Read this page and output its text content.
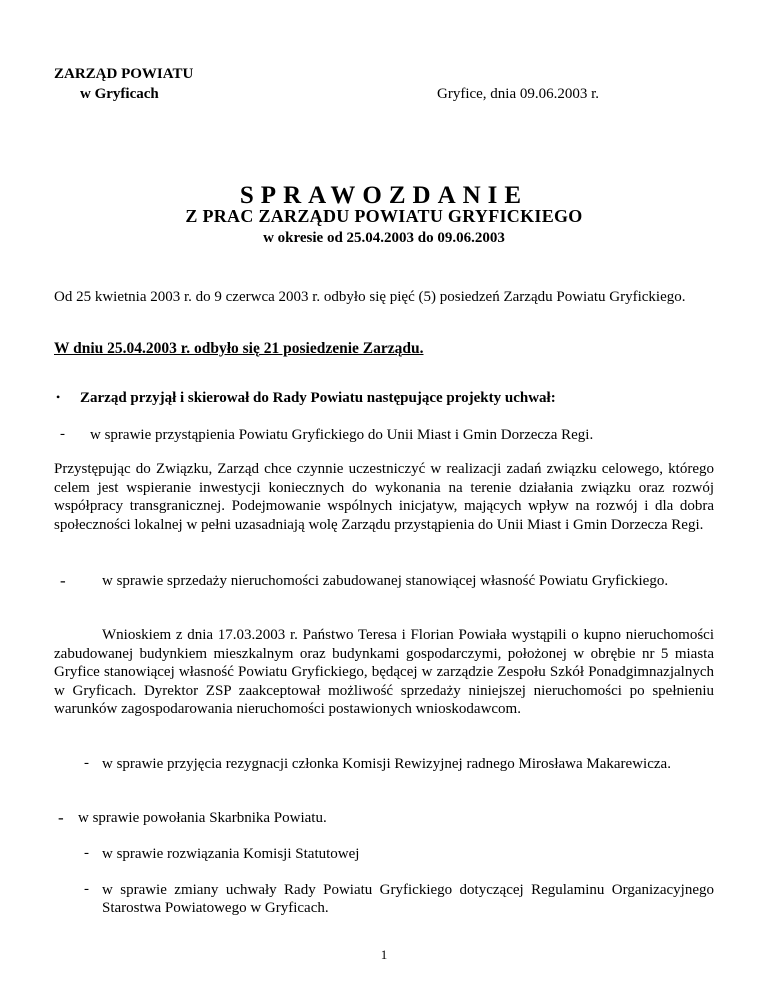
ZARZĄD POWIATU
w Gryficach	Gryfice, dnia 09.06.2003 r.
SPRAWOZDANIE
Z PRAC ZARZĄDU POWIATU GRYFICKIEGO
w okresie od 25.04.2003 do 09.06.2003
Od 25 kwietnia 2003 r. do 9 czerwca 2003 r. odbyło się pięć (5) posiedzeń Zarządu Powiatu Gryfickiego.
W dniu 25.04.2003 r. odbyło się 21 posiedzenie Zarządu.
• Zarząd przyjął i skierował do Rady Powiatu następujące projekty uchwał:
- w sprawie przystąpienia Powiatu Gryfickiego do Unii Miast i Gmin Dorzecza Regi.
Przystępując do Związku, Zarząd chce czynnie uczestniczyć w realizacji zadań związku celowego, którego celem jest wspieranie inwestycji koniecznych do wykonania na terenie działania związku oraz rozwój współpracy transgranicznej. Podejmowanie wspólnych inicjatyw, mających wpływ na rozwój i dla dobra społeczności lokalnej w pełni uzasadniają wolę Zarządu przystąpienia do Unii Miast i Gmin Dorzecza Regi.
- w sprawie sprzedaży nieruchomości zabudowanej stanowiącej własność Powiatu Gryfickiego.
Wnioskiem z dnia 17.03.2003 r. Państwo Teresa i Florian Powiała wystąpili o kupno nieruchomości zabudowanej budynkiem mieszkalnym oraz budynkami gospodarczymi, położonej w obrębie nr 5 miasta Gryfice stanowiącej własność Powiatu Gryfickiego, będącej w zarządzie Zespołu Szkół Ponadgimnazjalnych w Gryficach. Dyrektor ZSP zaakceptował możliwość sprzedaży niniejszej nieruchomości po spełnieniu warunków zagospodarowania nieruchomości postawionych wnioskodawcom.
- w sprawie przyjęcia rezygnacji członka Komisji Rewizyjnej radnego Mirosława Makarewicza.
- w sprawie powołania Skarbnika Powiatu.
- w sprawie rozwiązania Komisji Statutowej
- w sprawie zmiany uchwały Rady Powiatu Gryfickiego dotyczącej Regulaminu Organizacyjnego Starostwa Powiatowego w Gryficach.
1
